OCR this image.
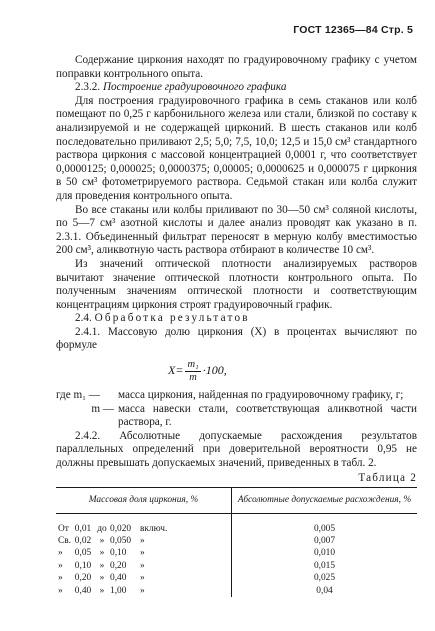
ГОСТ 12365—84 Стр. 5

Содержание циркония находят по градуировочному графику с учетом поправки контрольного опыта.

2.3.2. Построение градуировочного графика

Для построения градуировочного графика в семь стаканов или колб помещают по 0,25 г карбонильного железа или стали, близкой по составу к анализируемой и не содержащей цирконий. В шесть стаканов или колб последовательно приливают 2,5; 5,0; 7,5, 10,0; 12,5 и 15,0 см³ стандартного раствора циркония с массовой концентрацией 0,0001 г, что соответствует 0,0000125; 0,000025; 0,0000375; 0,00005; 0,0000625 и 0,000075 г циркония в 50 см³ фотометрируемого раствора. Седьмой стакан или колба служит для проведения контрольного опыта.

Во все стаканы или колбы приливают по 30—50 см³ соляной кислоты, по 5—7 см³ азотной кислоты и далее анализ проводят как указано в п. 2.3.1. Объединенный фильтрат переносят в мерную колбу вместимостью 200 см³, аликвотную часть раствора отбирают в количестве 10 см³.

Из значений оптической плотности анализируемых растворов вычитают значение оптической плотности контрольного опыта. По полученным значениям оптической плотности и соответствующим концентрациям циркония строят градуировочный график.

2.4. Обработка результатов

2.4.1. Массовую долю циркония (X) в процентах вычисляют по формуле

$X = \frac{\text{m₁}}{m} \cdot 100$,
где m₁ —	масса циркония, найденная по градуировочному графику, г;
m — масса навески стали, соответствующая аликвотной части раствора, г.

2.4.2. Абсолютные допускаемые расхождения результатов параллельных определений при доверительной вероятности 0,95 не должны превышать допускаемых значений, приведенных в табл. 2.

Таблица 2
Массовая доля циркония, %	Абсолютные допускаемые расхождения, %
От 0,01 до 0,020 включ.	0,005
Св. 0,02 » 0,050 »	0,007
» 0,05 » 0,10 »	0,010
» 0,10 » 0,20 »	0,015
» 0,20 » 0,40 »	0,025
» 0,40 » 1,00 »	0,04
